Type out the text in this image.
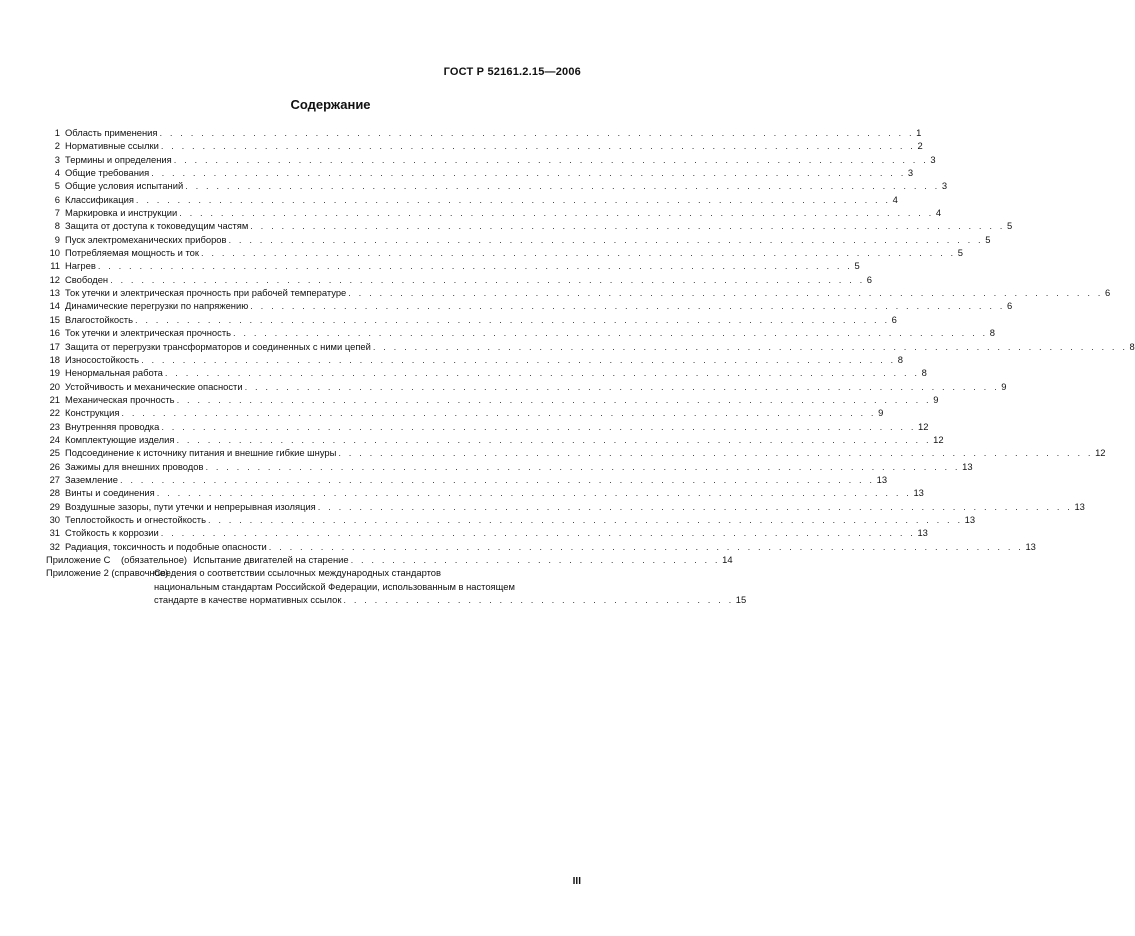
ГОСТ Р 52161.2.15—2006
Содержание
1 Область применения . . . . . . . . . . . . . . . . . . . . . . . . . . . . . . . . . . . . . . . . . . . . . . . . . . . . . . . . . . . . . . . . . . . . . . . . . 1
2 Нормативные ссылки . . . . . . . . . . . . . . . . . . . . . . . . . . . . . . . . . . . . . . . . . . . . . . . . . . . . . . . . . . . . . . . . . . . . . . . . . 2
3 Термины и определения . . . . . . . . . . . . . . . . . . . . . . . . . . . . . . . . . . . . . . . . . . . . . . . . . . . . . . . . . . . . . . . . . . . . . . . . . 3
4 Общие требования . . . . . . . . . . . . . . . . . . . . . . . . . . . . . . . . . . . . . . . . . . . . . . . . . . . . . . . . . . . . . . . . . . . . . . . . . 3
5 Общие условия испытаний . . . . . . . . . . . . . . . . . . . . . . . . . . . . . . . . . . . . . . . . . . . . . . . . . . . . . . . . . . . . . . . . . . . . . . . . . 3
6 Классификация . . . . . . . . . . . . . . . . . . . . . . . . . . . . . . . . . . . . . . . . . . . . . . . . . . . . . . . . . . . . . . . . . . . . . . . . . 4
7 Маркировка и инструкции . . . . . . . . . . . . . . . . . . . . . . . . . . . . . . . . . . . . . . . . . . . . . . . . . . . . . . . . . . . . . . . . . . . . . . . . . 4
8 Защита от доступа к токоведущим частям . . . . . . . . . . . . . . . . . . . . . . . . . . . . . . . . . . . . . . . . . . . . . . . . . . . . . . . . . . . . . . . . . . . . . . . . . 5
9 Пуск электромеханических приборов . . . . . . . . . . . . . . . . . . . . . . . . . . . . . . . . . . . . . . . . . . . . . . . . . . . . . . . . . . . . . . . . . . . . . . . . . 5
10 Потребляемая мощность и ток . . . . . . . . . . . . . . . . . . . . . . . . . . . . . . . . . . . . . . . . . . . . . . . . . . . . . . . . . . . . . . . . . . . . . . . . . 5
11 Нагрев . . . . . . . . . . . . . . . . . . . . . . . . . . . . . . . . . . . . . . . . . . . . . . . . . . . . . . . . . . . . . . . . . . . . . . . . . 5
12 Свободен . . . . . . . . . . . . . . . . . . . . . . . . . . . . . . . . . . . . . . . . . . . . . . . . . . . . . . . . . . . . . . . . . . . . . . . . . 6
13 Ток утечки и электрическая прочность при рабочей температуре . . . . . . . . . . . . . . . . . . . . . . . . . . . . . . . . . . . . . . . . . . . . . . . . . . . . . . . . . . . . . . . . . . . . . . . . . 6
14 Динамические перегрузки по напряжению . . . . . . . . . . . . . . . . . . . . . . . . . . . . . . . . . . . . . . . . . . . . . . . . . . . . . . . . . . . . . . . . . . . . . . . . . 6
15 Влагостойкость . . . . . . . . . . . . . . . . . . . . . . . . . . . . . . . . . . . . . . . . . . . . . . . . . . . . . . . . . . . . . . . . . . . . . . . . . 6
16 Ток утечки и электрическая прочность . . . . . . . . . . . . . . . . . . . . . . . . . . . . . . . . . . . . . . . . . . . . . . . . . . . . . . . . . . . . . . . . . . . . . . . . . 8
17 Защита от перегрузки трансформаторов и соединенных с ними цепей . . . . . . . . . . . . . . . . . . . . . . . . . . . . . . . . . . . . . . . . . . . . . . . . . . . . . . . . . . . . . . . . . . . . . . . . . 8
18 Износостойкость . . . . . . . . . . . . . . . . . . . . . . . . . . . . . . . . . . . . . . . . . . . . . . . . . . . . . . . . . . . . . . . . . . . . . . . . . 8
19 Ненормальная работа . . . . . . . . . . . . . . . . . . . . . . . . . . . . . . . . . . . . . . . . . . . . . . . . . . . . . . . . . . . . . . . . . . . . . . . . . 8
20 Устойчивость и механические опасности . . . . . . . . . . . . . . . . . . . . . . . . . . . . . . . . . . . . . . . . . . . . . . . . . . . . . . . . . . . . . . . . . . . . . . . . . 9
21 Механическая прочность . . . . . . . . . . . . . . . . . . . . . . . . . . . . . . . . . . . . . . . . . . . . . . . . . . . . . . . . . . . . . . . . . . . . . . . . . 9
22 Конструкция . . . . . . . . . . . . . . . . . . . . . . . . . . . . . . . . . . . . . . . . . . . . . . . . . . . . . . . . . . . . . . . . . . . . . . . . . 9
23 Внутренняя проводка . . . . . . . . . . . . . . . . . . . . . . . . . . . . . . . . . . . . . . . . . . . . . . . . . . . . . . . . . . . . . . . . . . . . . . . . . 12
24 Комплектующие изделия . . . . . . . . . . . . . . . . . . . . . . . . . . . . . . . . . . . . . . . . . . . . . . . . . . . . . . . . . . . . . . . . . . . . . . . . . 12
25 Подсоединение к источнику питания и внешние гибкие шнуры . . . . . . . . . . . . . . . . . . . . . . . . . . . . . . . . . . . . . . . . . . . . . . . . . . . . . . . . . . . . . . . . . . . . . . . . . 12
26 Зажимы для внешних проводов . . . . . . . . . . . . . . . . . . . . . . . . . . . . . . . . . . . . . . . . . . . . . . . . . . . . . . . . . . . . . . . . . . . . . . . . . 13
27 Заземление . . . . . . . . . . . . . . . . . . . . . . . . . . . . . . . . . . . . . . . . . . . . . . . . . . . . . . . . . . . . . . . . . . . . . . . . . 13
28 Винты и соединения . . . . . . . . . . . . . . . . . . . . . . . . . . . . . . . . . . . . . . . . . . . . . . . . . . . . . . . . . . . . . . . . . . . . . . . . . 13
29 Воздушные зазоры, пути утечки и непрерывная изоляция . . . . . . . . . . . . . . . . . . . . . . . . . . . . . . . . . . . . . . . . . . . . . . . . . . . . . . . . . . . . . . . . . . . . . . . . . 13
30 Теплостойкость и огнестойкость . . . . . . . . . . . . . . . . . . . . . . . . . . . . . . . . . . . . . . . . . . . . . . . . . . . . . . . . . . . . . . . . . . . . . . . . . 13
31 Стойкость к коррозии . . . . . . . . . . . . . . . . . . . . . . . . . . . . . . . . . . . . . . . . . . . . . . . . . . . . . . . . . . . . . . . . . . . . . . . . . 13
32 Радиация, токсичность и подобные опасности . . . . . . . . . . . . . . . . . . . . . . . . . . . . . . . . . . . . . . . . . . . . . . . . . . . . . . . . . . . . . . . . . . . . . . . . . 13
Приложение С	(обязательное) Испытание двигателей на старение . . . . . . . . . . . . . . . . . . . . . . . . . . . . . . . . . . . . 14
Приложение 2 (справочное)
Сведения о соответствии ссылочных международных стандартов
национальным стандартам Российской Федерации, использованным в настоящем
стандарте в качестве нормативных ссылок . . . . . . . . . . . . . . . . . . . . . . . . . . . . . . . . . . . . . . 15
III
